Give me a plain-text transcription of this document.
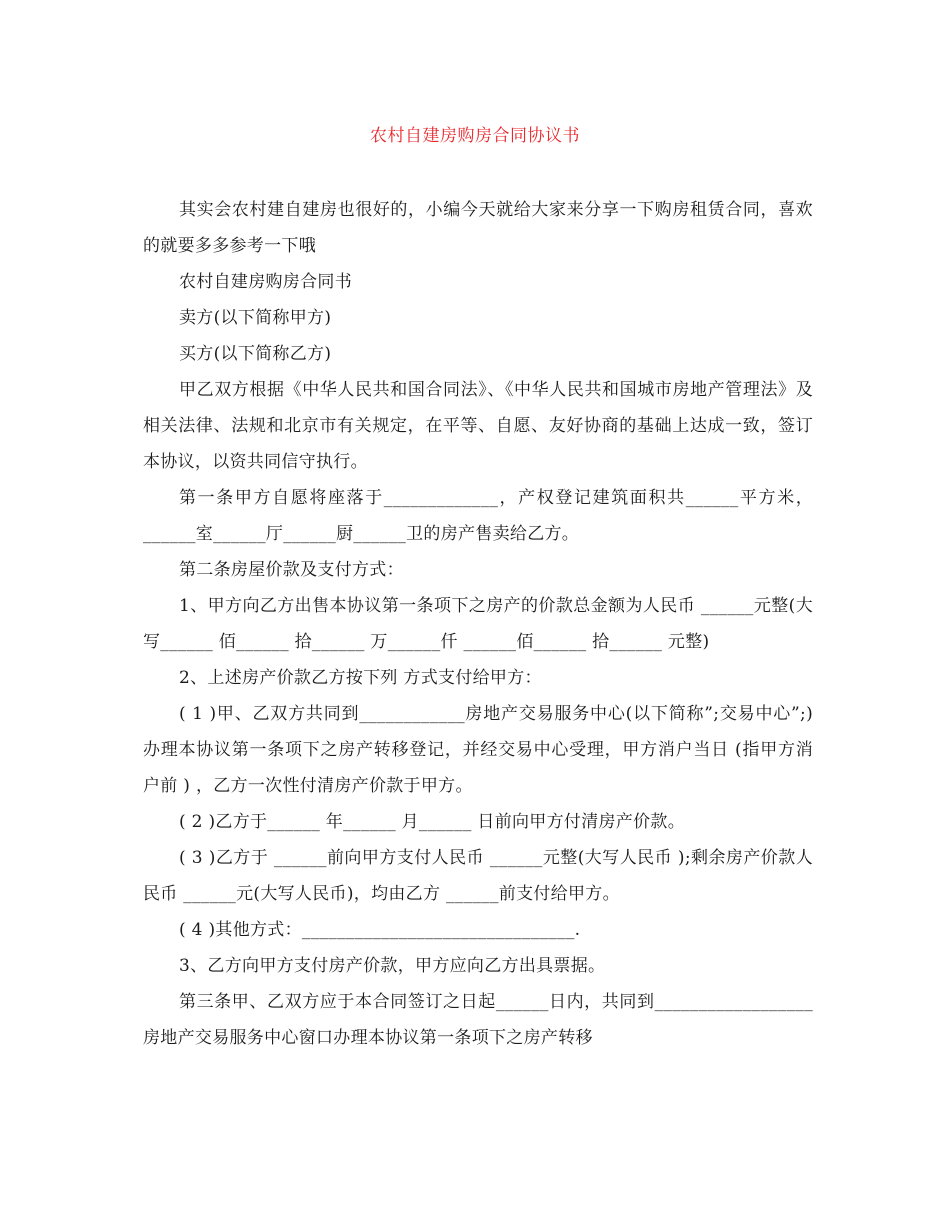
农村自建房购房合同协议书

其实会农村建自建房也很好的，小编今天就给大家来分享一下购房租赁合同，喜欢的就要多多参考一下哦

农村自建房购房合同书

卖方(以下简称甲方)

买方(以下简称乙方)

甲乙双方根据《中华人民共和国合同法》、《中华人民共和国城市房地产管理法》及相关法律、法规和北京市有关规定，在平等、自愿、友好协商的基础上达成一致，签订本协议，以资共同信守执行。

第一条甲方自愿将座落于_____________，产权登记建筑面积共______平方米，______室______厅______厨______卫的房产售卖给乙方。

第二条房屋价款及支付方式：

1、甲方向乙方出售本协议第一条项下之房产的价款总金额为人民币 ______元整(大写______ 佰______ 拾______ 万______仟 ______佰______ 拾______ 元整)

2、上述房产价款乙方按下列 方式支付给甲方：

( 1 )甲、乙双方共同到____________房地产交易服务中心(以下简称”;交易中心”;)办理本协议第一条项下之房产转移登记，并经交易中心受理，甲方消户当日 (指甲方消户前 ) ，乙方一次性付清房产价款于甲方。

( 2 )乙方于______ 年______ 月______ 日前向甲方付清房产价款。

( 3 )乙方于 ______前向甲方支付人民币 ______元整(大写人民币 );剩余房产价款人民币 ______元(大写人民币)，均由乙方 ______前支付给甲方。

( 4 )其他方式：_______________________________.

3、乙方向甲方支付房产价款，甲方应向乙方出具票据。

第三条甲、乙双方应于本合同签订之日起______日内，共同到__________________房地产交易服务中心窗口办理本协议第一条项下之房产转移
